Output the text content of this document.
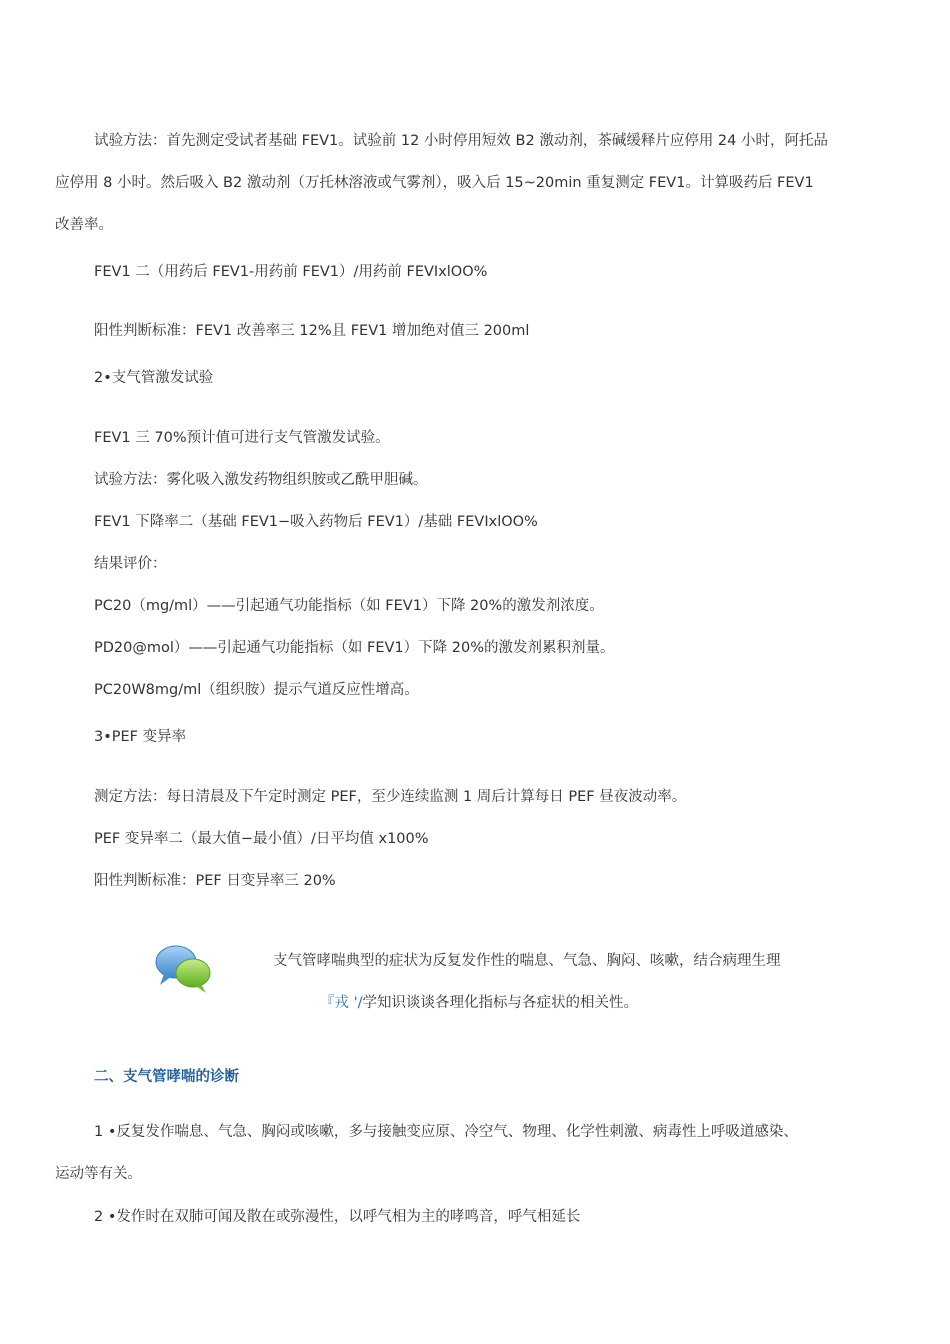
试验方法：首先测定受试者基础 FEV1。试验前 12 小时停用短效 B2 激动剂，茶碱缓释片应停用 24 小时，阿托品

应停用 8 小时。然后吸入 B2 激动剂（万托林溶液或气雾剂），吸入后 15~20min 重复测定 FEV1。计算吸药后 FEV1

改善率。

FEV1 二（用药后 FEV1-用药前 FEV1）/用药前 FEVIxlOO%

阳性判断标准：FEV1 改善率三 12%且 FEV1 增加绝对值三 200ml

2•支气管激发试验

FEV1 三 70%预计值可进行支气管激发试验。

试验方法：雾化吸入激发药物组织胺或乙酰甲胆碱。

FEV1 下降率二（基础 FEV1−吸入药物后 FEV1）/基础 FEVIxlOO%

结果评价：

PC20（mg/ml）——引起通气功能指标（如 FEV1）下降 20%的激发剂浓度。

PD20@mol）——引起通气功能指标（如 FEV1）下降 20%的激发剂累积剂量。

PC20W8mg/ml（组织胺）提示气道反应性增高。

3•PEF 变异率

测定方法：每日清晨及下午定时测定 PEF，至少连续监测 1 周后计算每日 PEF 昼夜波动率。

PEF 变异率二（最大值−最小值）/日平均值 x100%

阳性判断标准：PEF 日变异率三 20%

支气管哮喘典型的症状为反复发作性的喘息、气急、胸闷、咳嗽，结合病理生理

『戎 '/学知识谈谈各理化指标与各症状的相关性。

二、支气管哮喘的诊断

1 •反复发作喘息、气急、胸闷或咳嗽，多与接触变应原、冷空气、物理、化学性刺激、病毒性上呼吸道感染、

运动等有关。

2 •发作时在双肺可闻及散在或弥漫性，以呼气相为主的哮鸣音，呼气相延长
